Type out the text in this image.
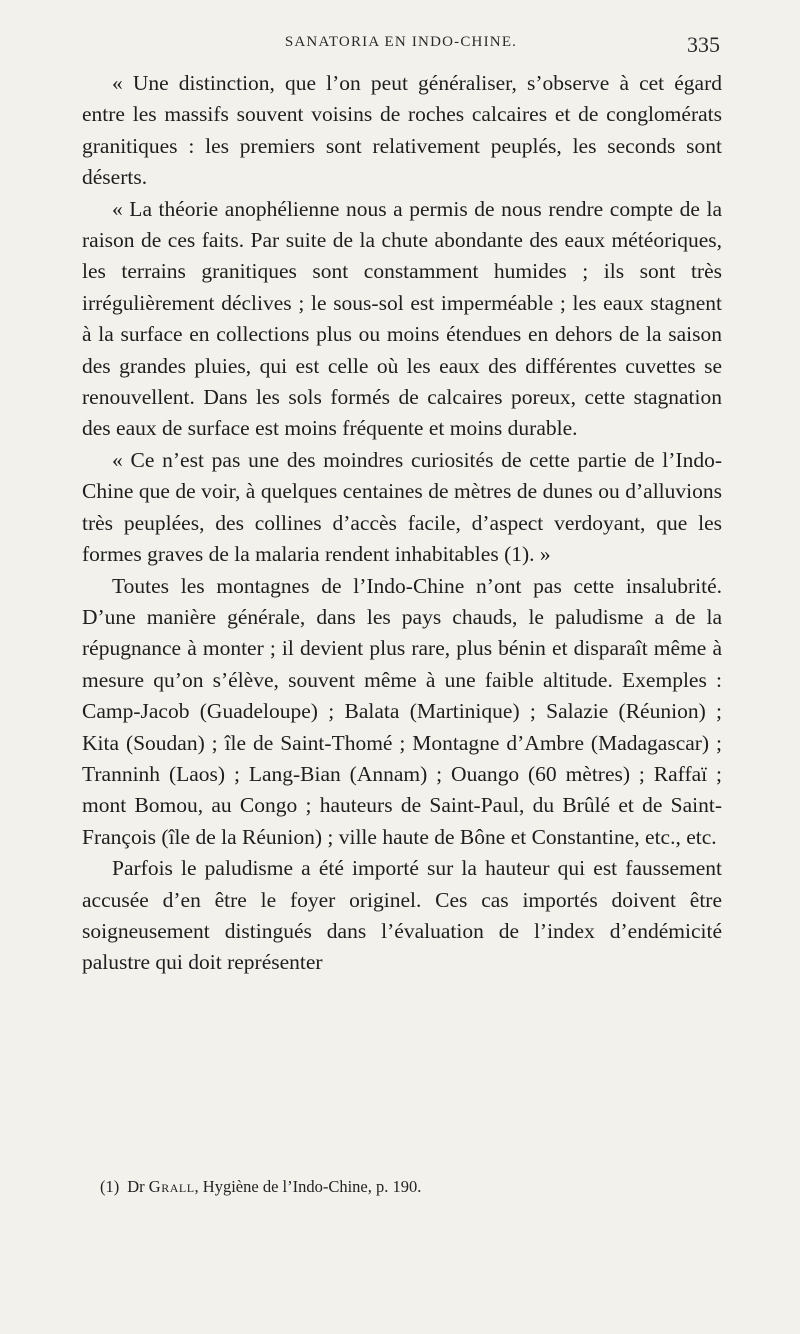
SANATORIA EN INDO-CHINE.	335

« Une distinction, que l’on peut généraliser, s’observe à cet égard entre les massifs souvent voisins de roches calcaires et de conglomérats granitiques : les premiers sont relativement peuplés, les seconds sont déserts.

« La théorie anophélienne nous a permis de nous rendre compte de la raison de ces faits. Par suite de la chute abondante des eaux météoriques, les terrains granitiques sont constamment humides ; ils sont très irrégulièrement déclives ; le sous-sol est imperméable ; les eaux stagnent à la surface en collections plus ou moins étendues en dehors de la saison des grandes pluies, qui est celle où les eaux des différentes cuvettes se renouvellent. Dans les sols formés de calcaires poreux, cette stagnation des eaux de surface est moins fréquente et moins durable.

« Ce n’est pas une des moindres curiosités de cette partie de l’Indo-Chine que de voir, à quelques centaines de mètres de dunes ou d’alluvions très peuplées, des collines d’accès facile, d’aspect verdoyant, que les formes graves de la malaria rendent inhabitables (1). »

Toutes les montagnes de l’Indo-Chine n’ont pas cette insalubrité. D’une manière générale, dans les pays chauds, le paludisme a de la répugnance à monter ; il devient plus rare, plus bénin et disparaît même à mesure qu’on s’élève, souvent même à une faible altitude. Exemples : Camp-Jacob (Guadeloupe) ; Balata (Martinique) ; Salazie (Réunion) ; Kita (Soudan) ; île de Saint-Thomé ; Montagne d’Ambre (Madagascar) ; Tranninh (Laos) ; Lang-Bian (Annam) ; Ouango (60 mètres) ; Raffaï ; mont Bomou, au Congo ; hauteurs de Saint-Paul, du Brûlé et de Saint-François (île de la Réunion) ; ville haute de Bône et Constantine, etc., etc.

Parfois le paludisme a été importé sur la hauteur qui est faussement accusée d’en être le foyer originel. Ces cas importés doivent être soigneusement distingués dans l’évaluation de l’index d’endémicité palustre qui doit représenter

(1) Dr Grall, Hygiène de l’Indo-Chine, p. 190.
